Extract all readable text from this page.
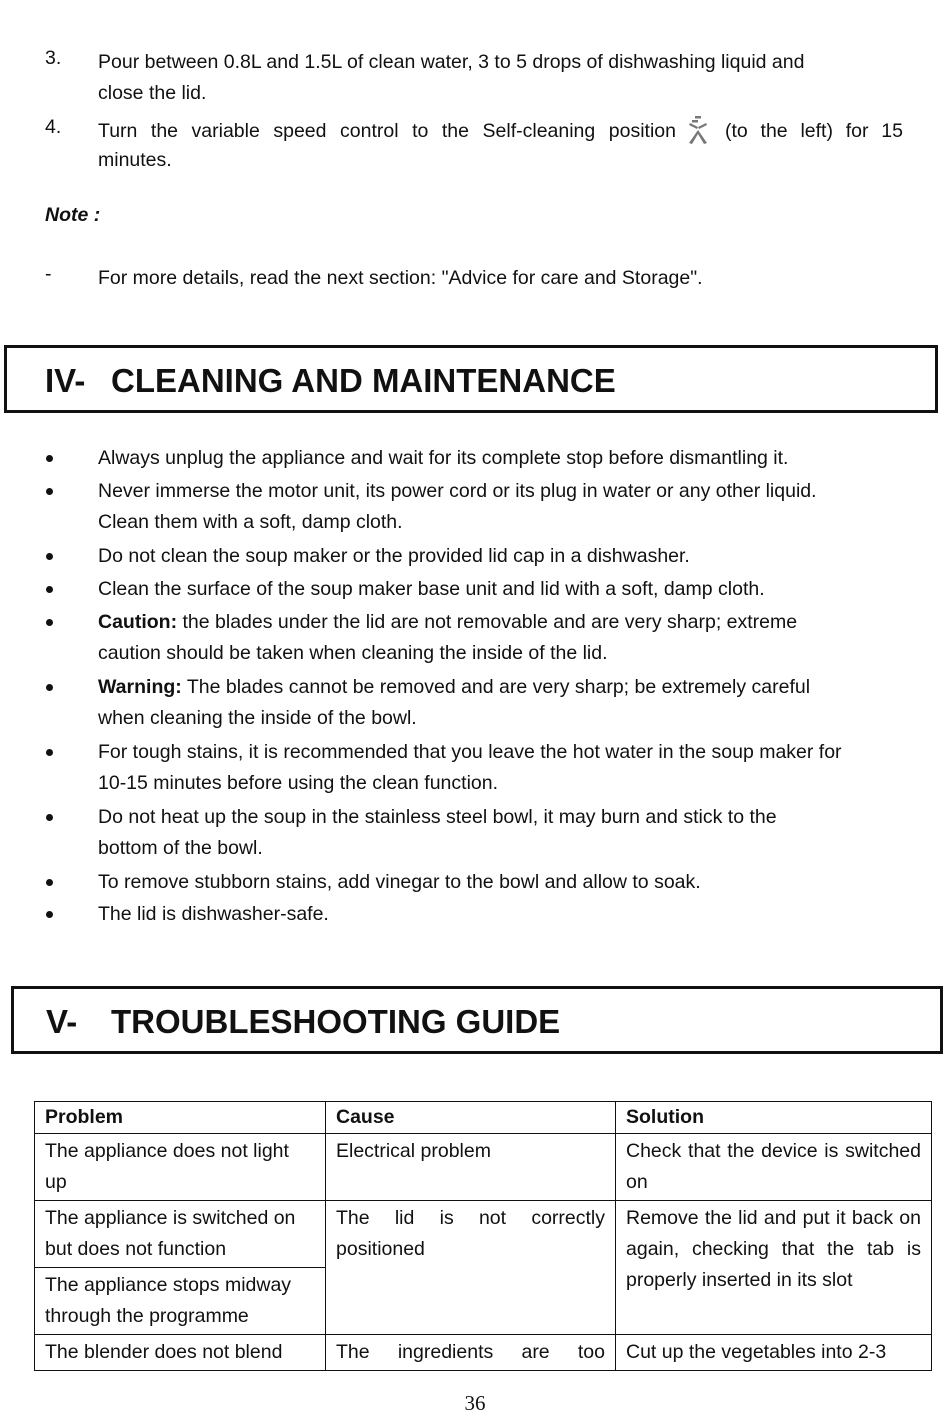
3. Pour between 0.8L and 1.5L of clean water, 3 to 5 drops of dishwashing liquid and
close the lid.
4. Turn the variable speed control to the Self-cleaning position	(to the left) for 15
minutes.
Note :
- For more details, read the next section: "Advice for care and Storage".
IV- CLEANING AND MAINTENANCE
Always unplug the appliance and wait for its complete stop before dismantling it.
Never immerse the motor unit, its power cord or its plug in water or any other liquid.
Clean them with a soft, damp cloth.
Do not clean the soup maker or the provided lid cap in a dishwasher.
Clean the surface of the soup maker base unit and lid with a soft, damp cloth.
Caution: the blades under the lid are not removable and are very sharp; extreme
caution should be taken when cleaning the inside of the lid.
Warning: The blades cannot be removed and are very sharp; be extremely careful
when cleaning the inside of the bowl.
For tough stains, it is recommended that you leave the hot water in the soup maker for
10-15 minutes before using the clean function.
Do not heat up the soup in the stainless steel bowl, it may burn and stick to the
bottom of the bowl.
To remove stubborn stains, add vinegar to the bowl and allow to soak.
The lid is dishwasher-safe.
V- TROUBLESHOOTING GUIDE
Problem	Cause	Solution
The appliance does not light up	Electrical problem	Check that the device is switched on
The appliance is switched on but does not function	The lid is not correctly positioned	Remove the lid and put it back on again, checking that the tab is properly inserted in its slot
The appliance stops midway through the programme		
The blender does not blend	The ingredients are too	Cut up the vegetables into 2-3
36
